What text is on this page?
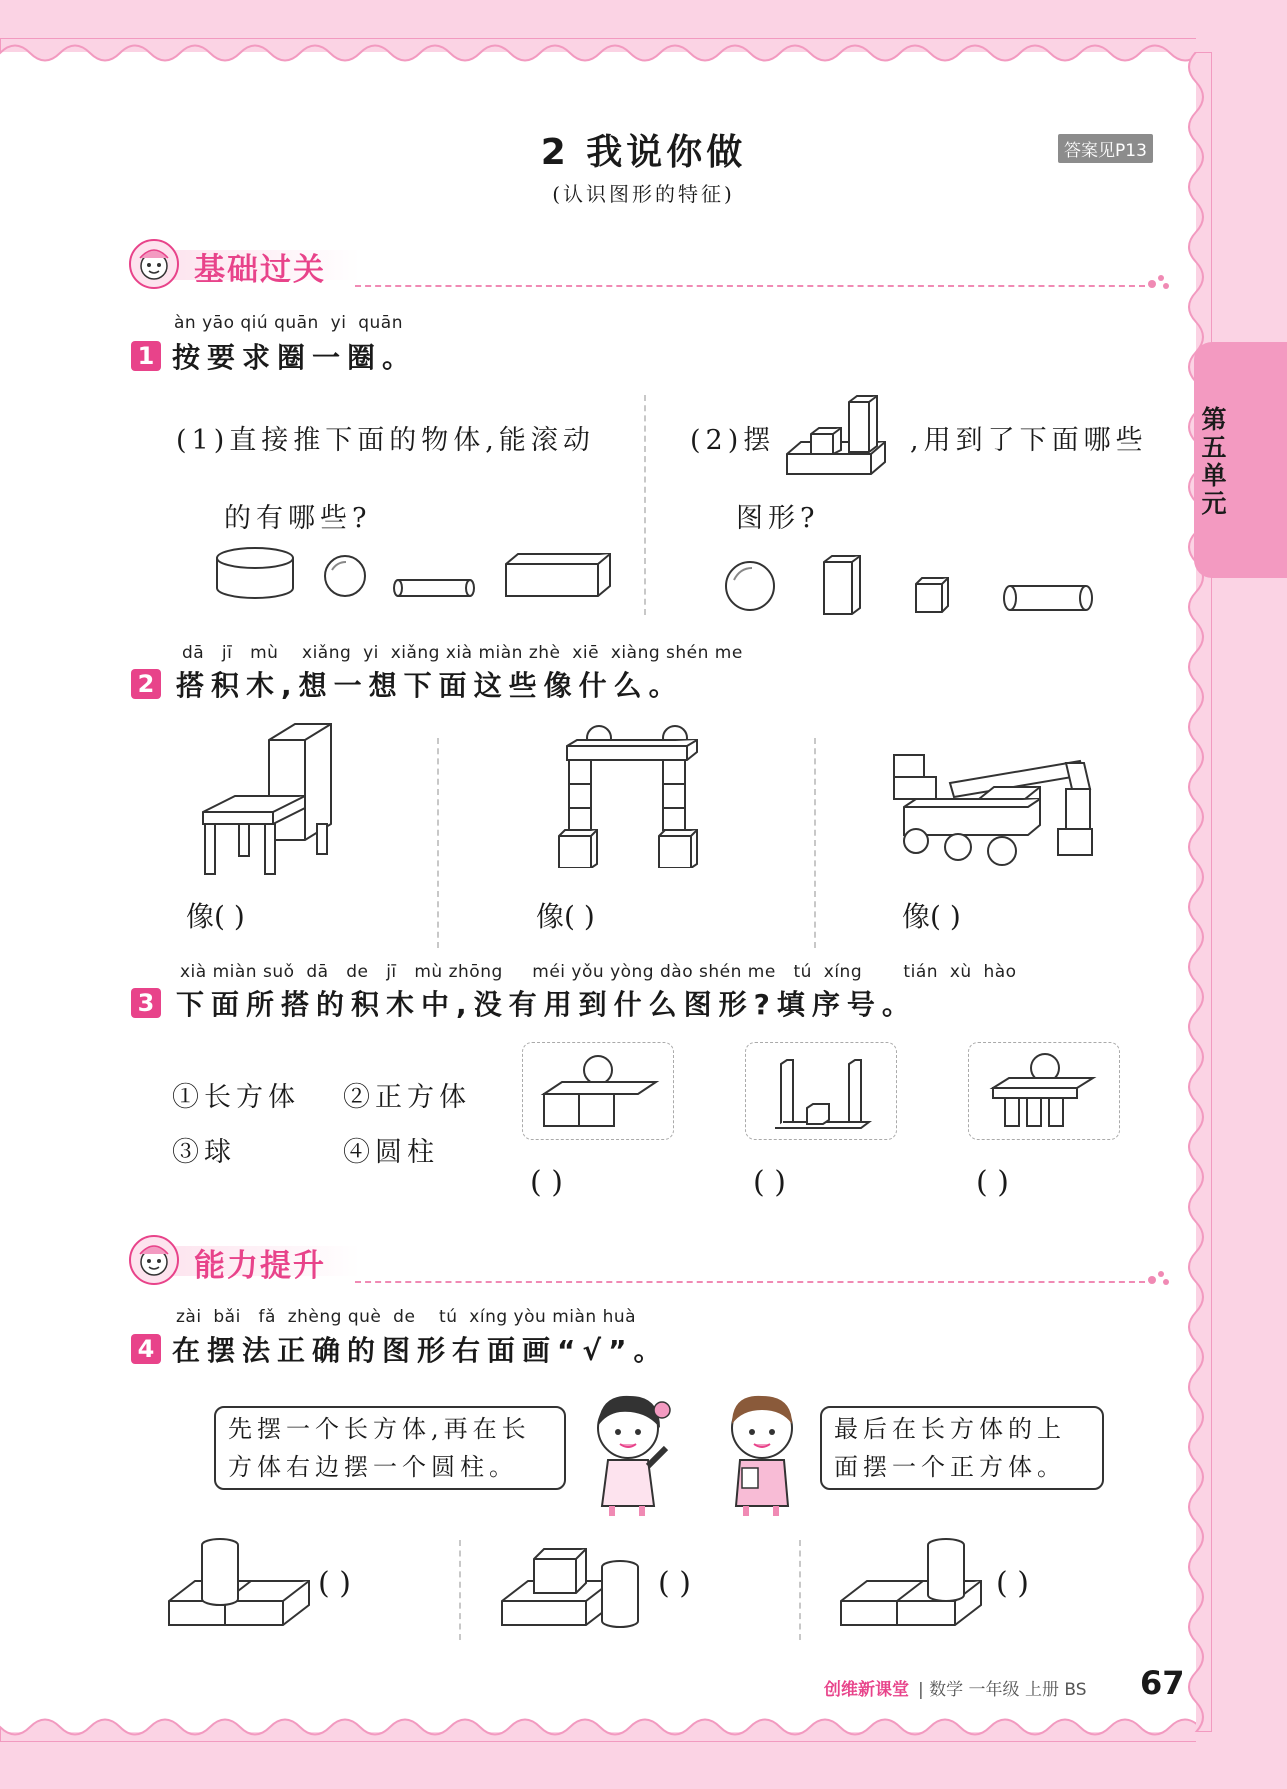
2 我说你做
(认识图形的特征)
答案见P13
第
五
单
元
基础过关
àn yāo qiú quān  yi  quān
1 按要求圈一圈。
(1)直接推下面的物体,能滚动
的有哪些?
(2)摆	,用到了下面哪些
图形?
dā   jī   mù    xiǎng  yi  xiǎng xià miàn zhè  xiē  xiàng shén me
2 搭积木,想一想下面这些像什么。
像( )	像( )	像( )
xià miàn suǒ  dā   de   jī   mù zhōng     méi yǒu yòng dào shén me   tú  xíng       tián  xù  hào
3 下面所搭的积木中,没有用到什么图形?填序号。
①长方体 ②正方体
③球	④圆柱
( )	( )	( )
能力提升
zài  bǎi   fǎ  zhèng què  de    tú  xíng yòu miàn huà
4 在摆法正确的图形右面画“√”。
先摆一个长方体,再在长
方体右边摆一个圆柱。
最后在长方体的上
面摆一个正方体。
( )	( )	( )
创维新课堂 | 数学 一年级 上册 BS 67
